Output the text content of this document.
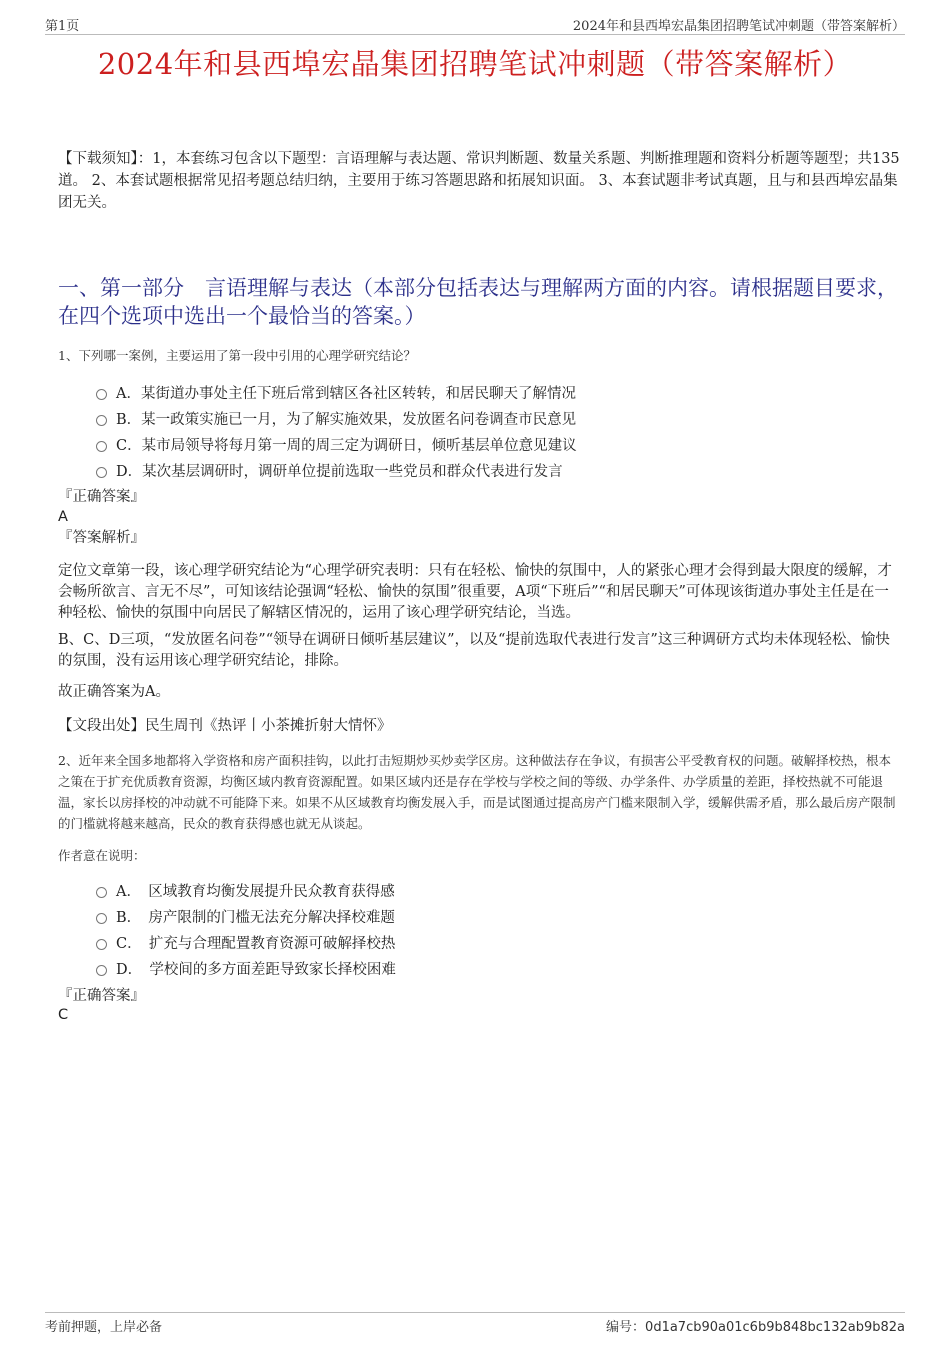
第1页	2024年和县西埠宏晶集团招聘笔试冲刺题（带答案解析）
2024年和县西埠宏晶集团招聘笔试冲刺题（带答案解析）
【下载须知】：1，本套练习包含以下题型：言语理解与表达题、常识判断题、数量关系题、判断推理题和资料分析题等题型；共135道。 2、本套试题根据常见招考题总结归纳，主要用于练习答题思路和拓展知识面。 3、本套试题非考试真题，且与和县西埠宏晶集团无关。
一、第一部分　言语理解与表达（本部分包括表达与理解两方面的内容。请根据题目要求，在四个选项中选出一个最恰当的答案。）
1、下列哪一案例，主要运用了第一段中引用的心理学研究结论？
A．某街道办事处主任下班后常到辖区各社区转转，和居民聊天了解情况
B．某一政策实施已一月，为了解实施效果，发放匿名问卷调查市民意见
C．某市局领导将每月第一周的周三定为调研日，倾听基层单位意见建议
D．某次基层调研时，调研单位提前选取一些党员和群众代表进行发言
『正确答案』
A
『答案解析』
定位文章第一段，该心理学研究结论为“心理学研究表明：只有在轻松、愉快的氛围中，人的紧张心理才会得到最大限度的缓解，才会畅所欲言、言无不尽”，可知该结论强调“轻松、愉快的氛围”很重要，A项“下班后”“和居民聊天”可体现该街道办事处主任是在一种轻松、愉快的氛围中向居民了解辖区情况的，运用了该心理学研究结论，当选。
B、C、D三项，“发放匿名问卷”“领导在调研日倾听基层建议”，以及“提前选取代表进行发言”这三种调研方式均未体现轻松、愉快的氛围，没有运用该心理学研究结论，排除。
故正确答案为A。
【文段出处】民生周刊《热评丨小茶摊折射大情怀》
2、近年来全国多地都将入学资格和房产面积挂钩，以此打击短期炒买炒卖学区房。这种做法存在争议，有损害公平受教育权的问题。破解择校热，根本之策在于扩充优质教育资源，均衡区域内教育资源配置。如果区域内还是存在学校与学校之间的等级、办学条件、办学质量的差距，择校热就不可能退温，家长以房择校的冲动就不可能降下来。如果不从区域教育均衡发展入手，而是试图通过提高房产门槛来限制入学，缓解供需矛盾，那么最后房产限制的门槛就将越来越高，民众的教育获得感也就无从谈起。
作者意在说明：
A．　区域教育均衡发展提升民众教育获得感
B．　房产限制的门槛无法充分解决择校难题
C．　扩充与合理配置教育资源可破解择校热
D．　学校间的多方面差距导致家长择校困难
『正确答案』
C
考前押题，上岸必备	编号：0d1a7cb90a01c6b9b848bc132ab9b82a
